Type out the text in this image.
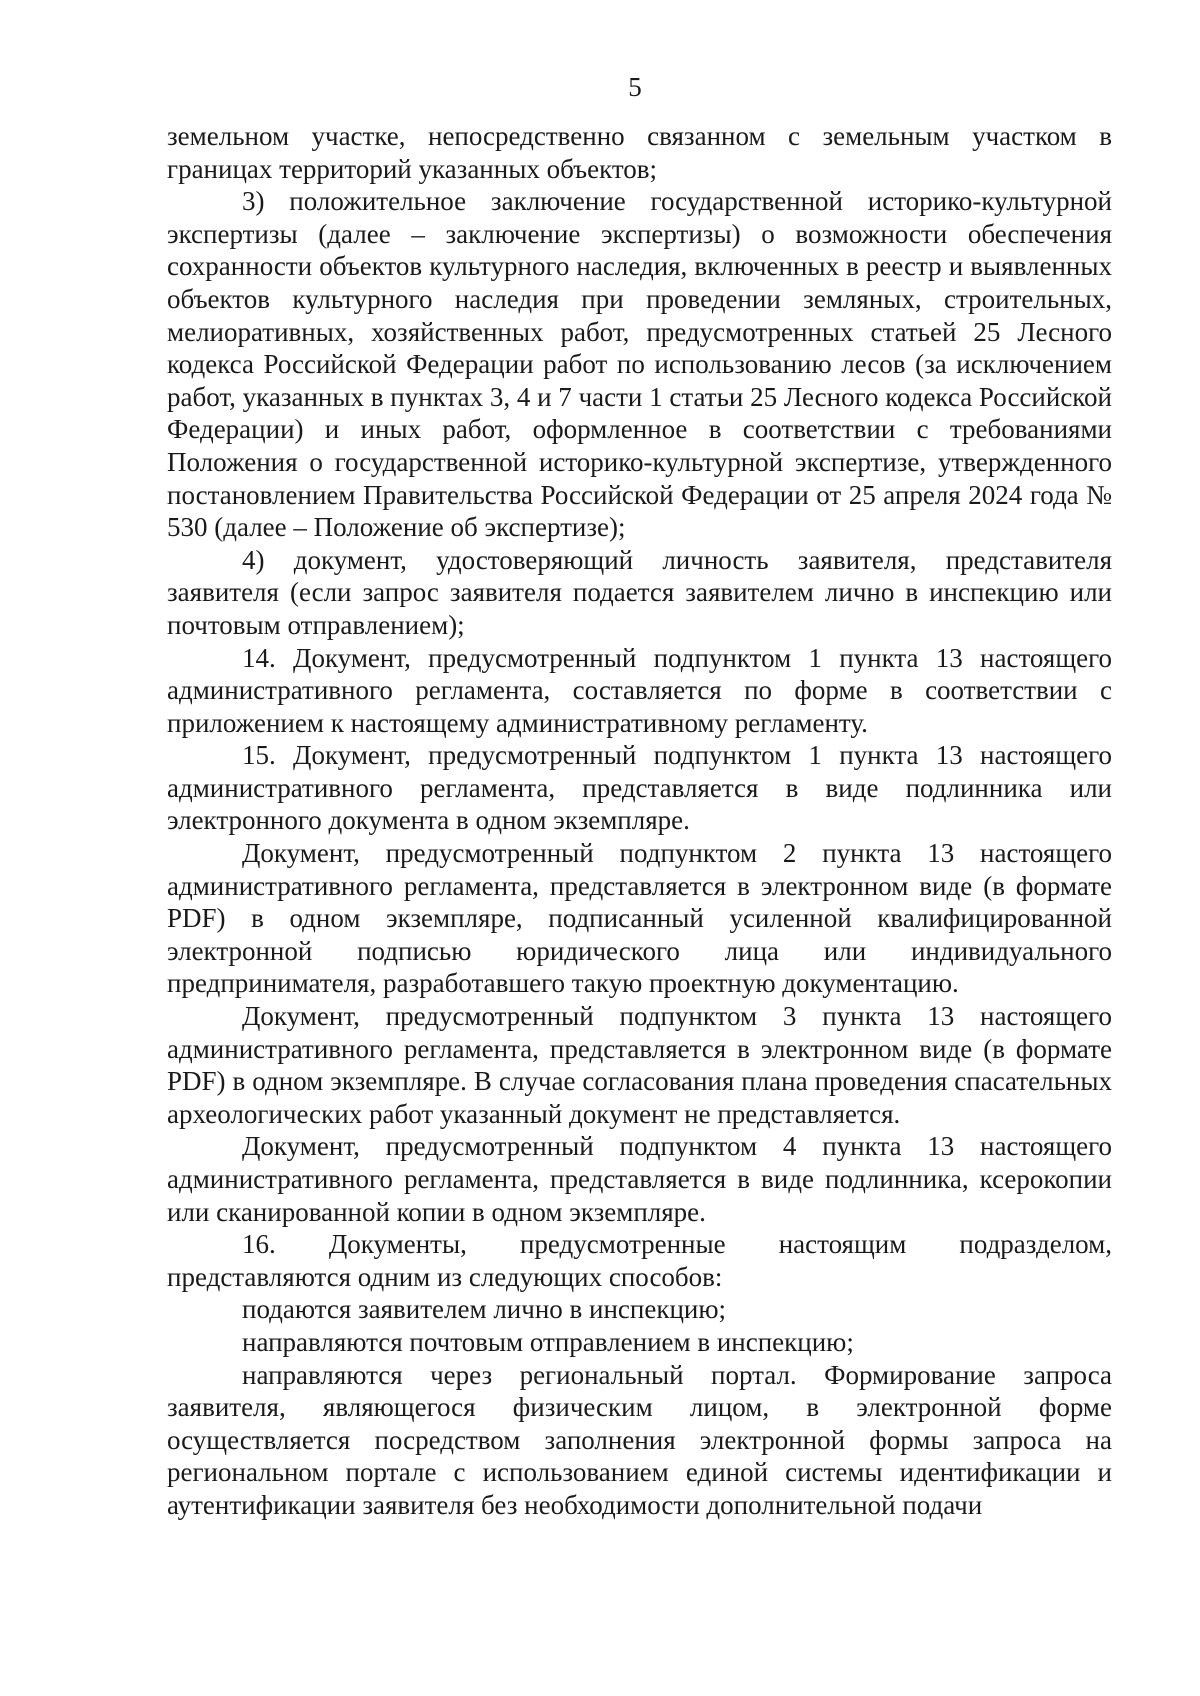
5

земельном участке, непосредственно связанном с земельным участком в границах территорий указанных объектов;

3) положительное заключение государственной историко-культурной экспертизы (далее – заключение экспертизы) о возможности обеспечения сохранности объектов культурного наследия, включенных в реестр и выявленных объектов культурного наследия при проведении земляных, строительных, мелиоративных, хозяйственных работ, предусмотренных статьей 25 Лесного кодекса Российской Федерации работ по использованию лесов (за исключением работ, указанных в пунктах 3, 4 и 7 части 1 статьи 25 Лесного кодекса Российской Федерации) и иных работ, оформленное в соответствии с требованиями Положения о государственной историко-культурной экспертизе, утвержденного постановлением Правительства Российской Федерации от 25 апреля 2024 года № 530 (далее – Положение об экспертизе);

4) документ, удостоверяющий личность заявителя, представителя заявителя (если запрос заявителя подается заявителем лично в инспекцию или почтовым отправлением);

14. Документ, предусмотренный подпунктом 1 пункта 13 настоящего административного регламента, составляется по форме в соответствии с приложением к настоящему административному регламенту.

15. Документ, предусмотренный подпунктом 1 пункта 13 настоящего административного регламента, представляется в виде подлинника или электронного документа в одном экземпляре.

Документ, предусмотренный подпунктом 2 пункта 13 настоящего административного регламента, представляется в электронном виде (в формате PDF) в одном экземпляре, подписанный усиленной квалифицированной электронной подписью юридического лица или индивидуального предпринимателя, разработавшего такую проектную документацию.

Документ, предусмотренный подпунктом 3 пункта 13 настоящего административного регламента, представляется в электронном виде (в формате PDF) в одном экземпляре. В случае согласования плана проведения спасательных археологических работ указанный документ не представляется.

Документ, предусмотренный подпунктом 4 пункта 13 настоящего административного регламента, представляется в виде подлинника, ксерокопии или сканированной копии в одном экземпляре.

16. Документы, предусмотренные настоящим подразделом, представляются одним из следующих способов:

подаются заявителем лично в инспекцию;

направляются почтовым отправлением в инспекцию;

направляются через региональный портал. Формирование запроса заявителя, являющегося физическим лицом, в электронной форме осуществляется посредством заполнения электронной формы запроса на региональном портале с использованием единой системы идентификации и аутентификации заявителя без необходимости дополнительной подачи
